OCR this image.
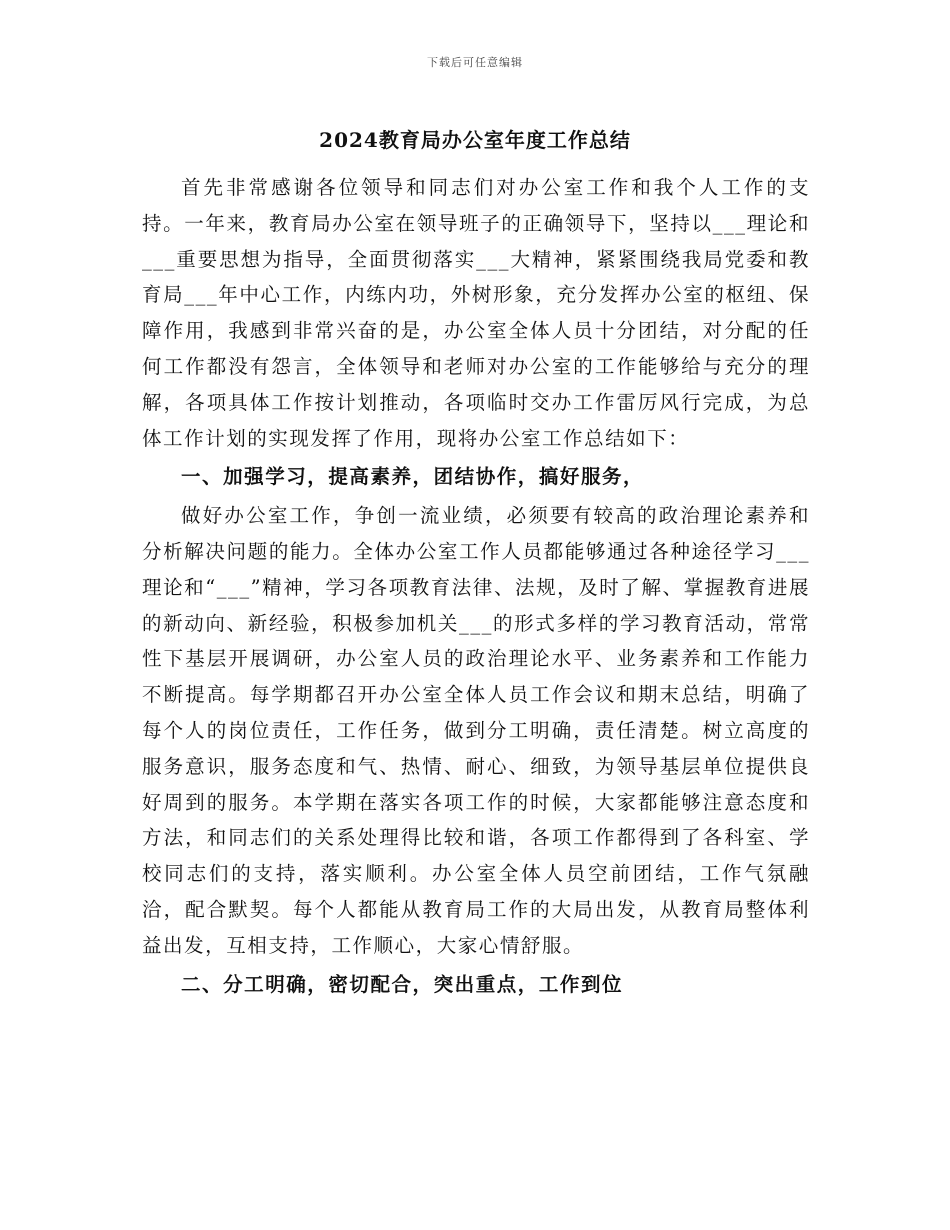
下载后可任意编辑
2024教育局办公室年度工作总结

首先非常感谢各位领导和同志们对办公室工作和我个人工作的支持。一年来，教育局办公室在领导班子的正确领导下，坚持以___理论和___重要思想为指导，全面贯彻落实___大精神，紧紧围绕我局党委和教育局___年中心工作，内练内功，外树形象，充分发挥办公室的枢纽、保障作用，我感到非常兴奋的是，办公室全体人员十分团结，对分配的任何工作都没有怨言，全体领导和老师对办公室的工作能够给与充分的理解，各项具体工作按计划推动，各项临时交办工作雷厉风行完成，为总体工作计划的实现发挥了作用，现将办公室工作总结如下：

一、加强学习，提高素养，团结协作，搞好服务，

做好办公室工作，争创一流业绩，必须要有较高的政治理论素养和分析解决问题的能力。全体办公室工作人员都能够通过各种途径学习___理论和“___”精神，学习各项教育法律、法规，及时了解、掌握教育进展的新动向、新经验，积极参加机关___的形式多样的学习教育活动，常常性下基层开展调研，办公室人员的政治理论水平、业务素养和工作能力不断提高。每学期都召开办公室全体人员工作会议和期末总结，明确了每个人的岗位责任，工作任务，做到分工明确，责任清楚。树立高度的服务意识，服务态度和气、热情、耐心、细致，为领导基层单位提供良好周到的服务。本学期在落实各项工作的时候，大家都能够注意态度和方法，和同志们的关系处理得比较和谐，各项工作都得到了各科室、学校同志们的支持，落实顺利。办公室全体人员空前团结，工作气氛融洽，配合默契。每个人都能从教育局工作的大局出发，从教育局整体利益出发，互相支持，工作顺心，大家心情舒服。

二、分工明确，密切配合，突出重点，工作到位
